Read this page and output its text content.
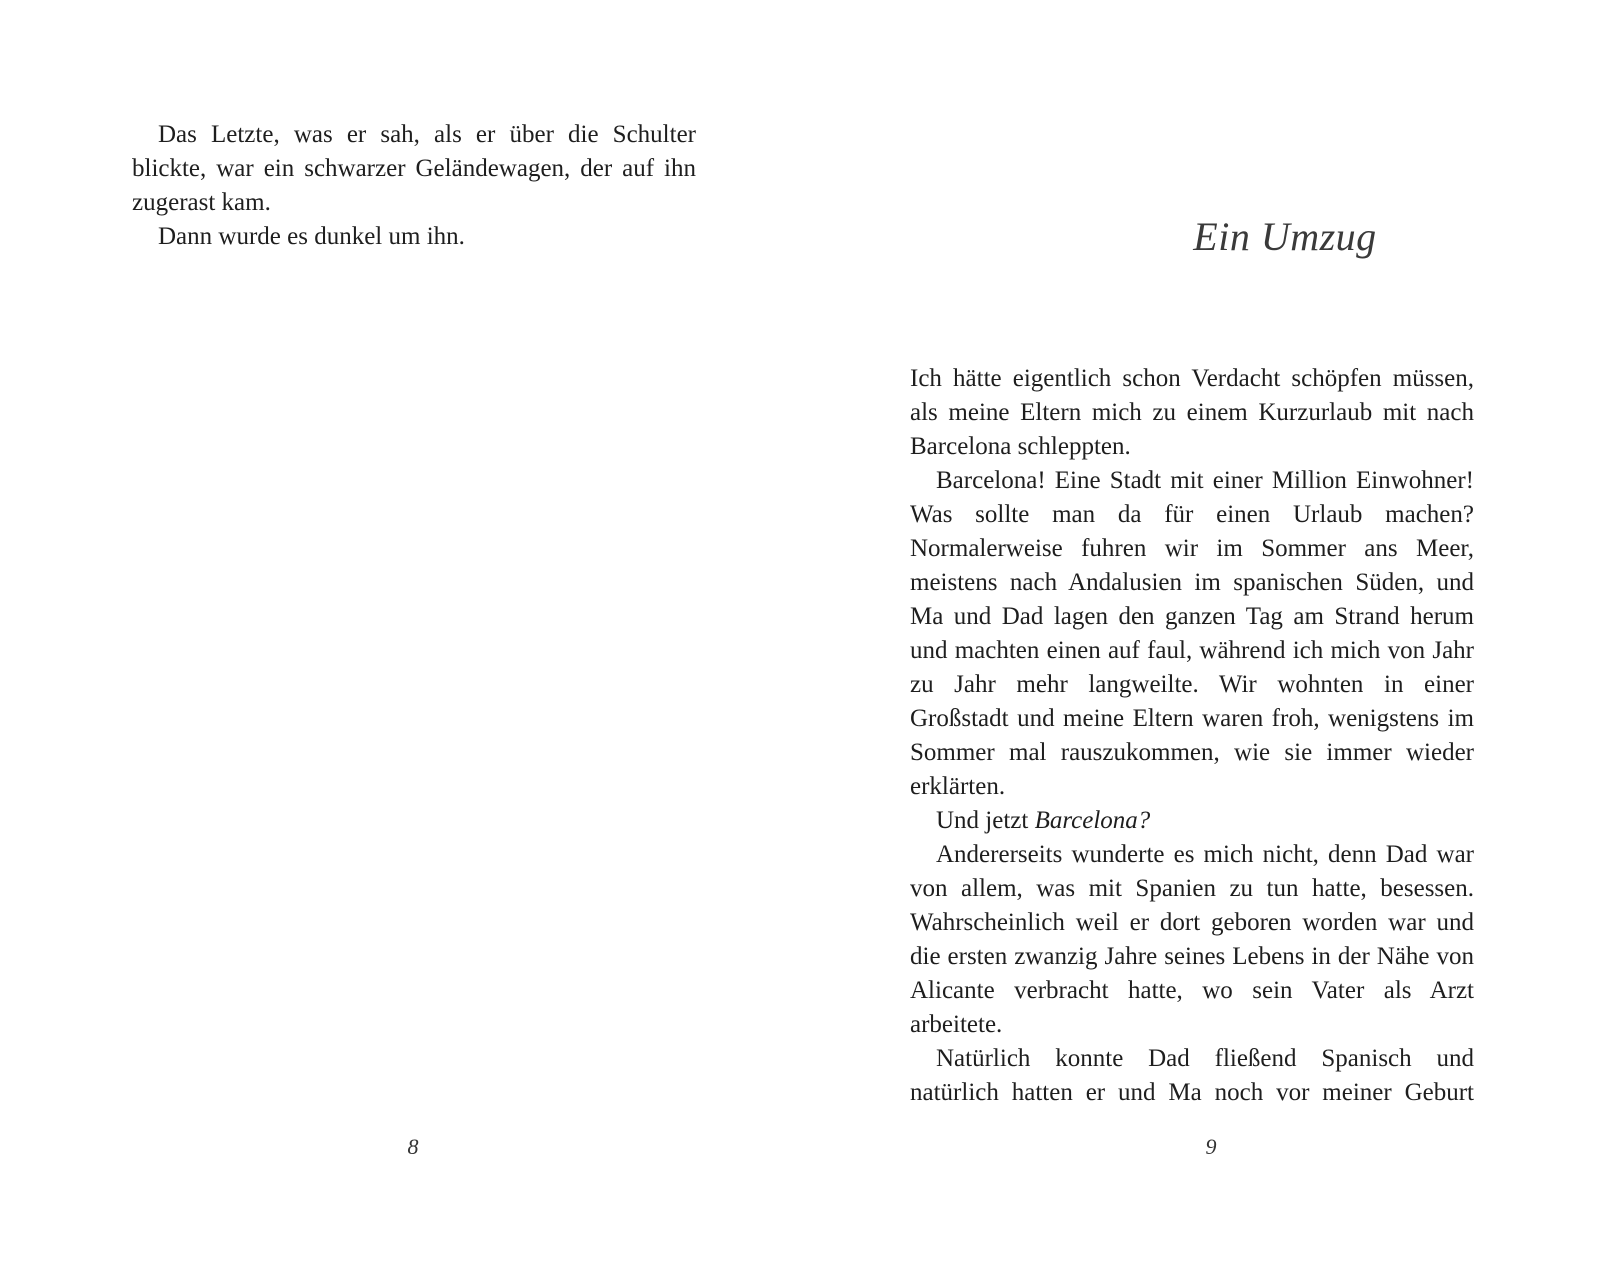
Das Letzte, was er sah, als er über die Schulter blickte, war ein schwarzer Geländewagen, der auf ihn zugerast kam.

Dann wurde es dunkel um ihn.

8
Ein Umzug

Ich hätte eigentlich schon Verdacht schöpfen müssen, als meine Eltern mich zu einem Kurzurlaub mit nach Barcelona schleppten.

Barcelona! Eine Stadt mit einer Million Einwohner! Was sollte man da für einen Urlaub machen? Normalerweise fuhren wir im Sommer ans Meer, meistens nach Andalusien im spanischen Süden, und Ma und Dad lagen den ganzen Tag am Strand herum und machten einen auf faul, während ich mich von Jahr zu Jahr mehr langweilte. Wir wohnten in einer Großstadt und meine Eltern waren froh, wenigstens im Sommer mal rauszukommen, wie sie immer wieder erklärten.

Und jetzt Barcelona?

Andererseits wunderte es mich nicht, denn Dad war von allem, was mit Spanien zu tun hatte, besessen. Wahrscheinlich weil er dort geboren worden war und die ersten zwanzig Jahre seines Lebens in der Nähe von Alicante verbracht hatte, wo sein Vater als Arzt arbeitete.

Natürlich konnte Dad fließend Spanisch und natürlich hatten er und Ma noch vor meiner Geburt

9
